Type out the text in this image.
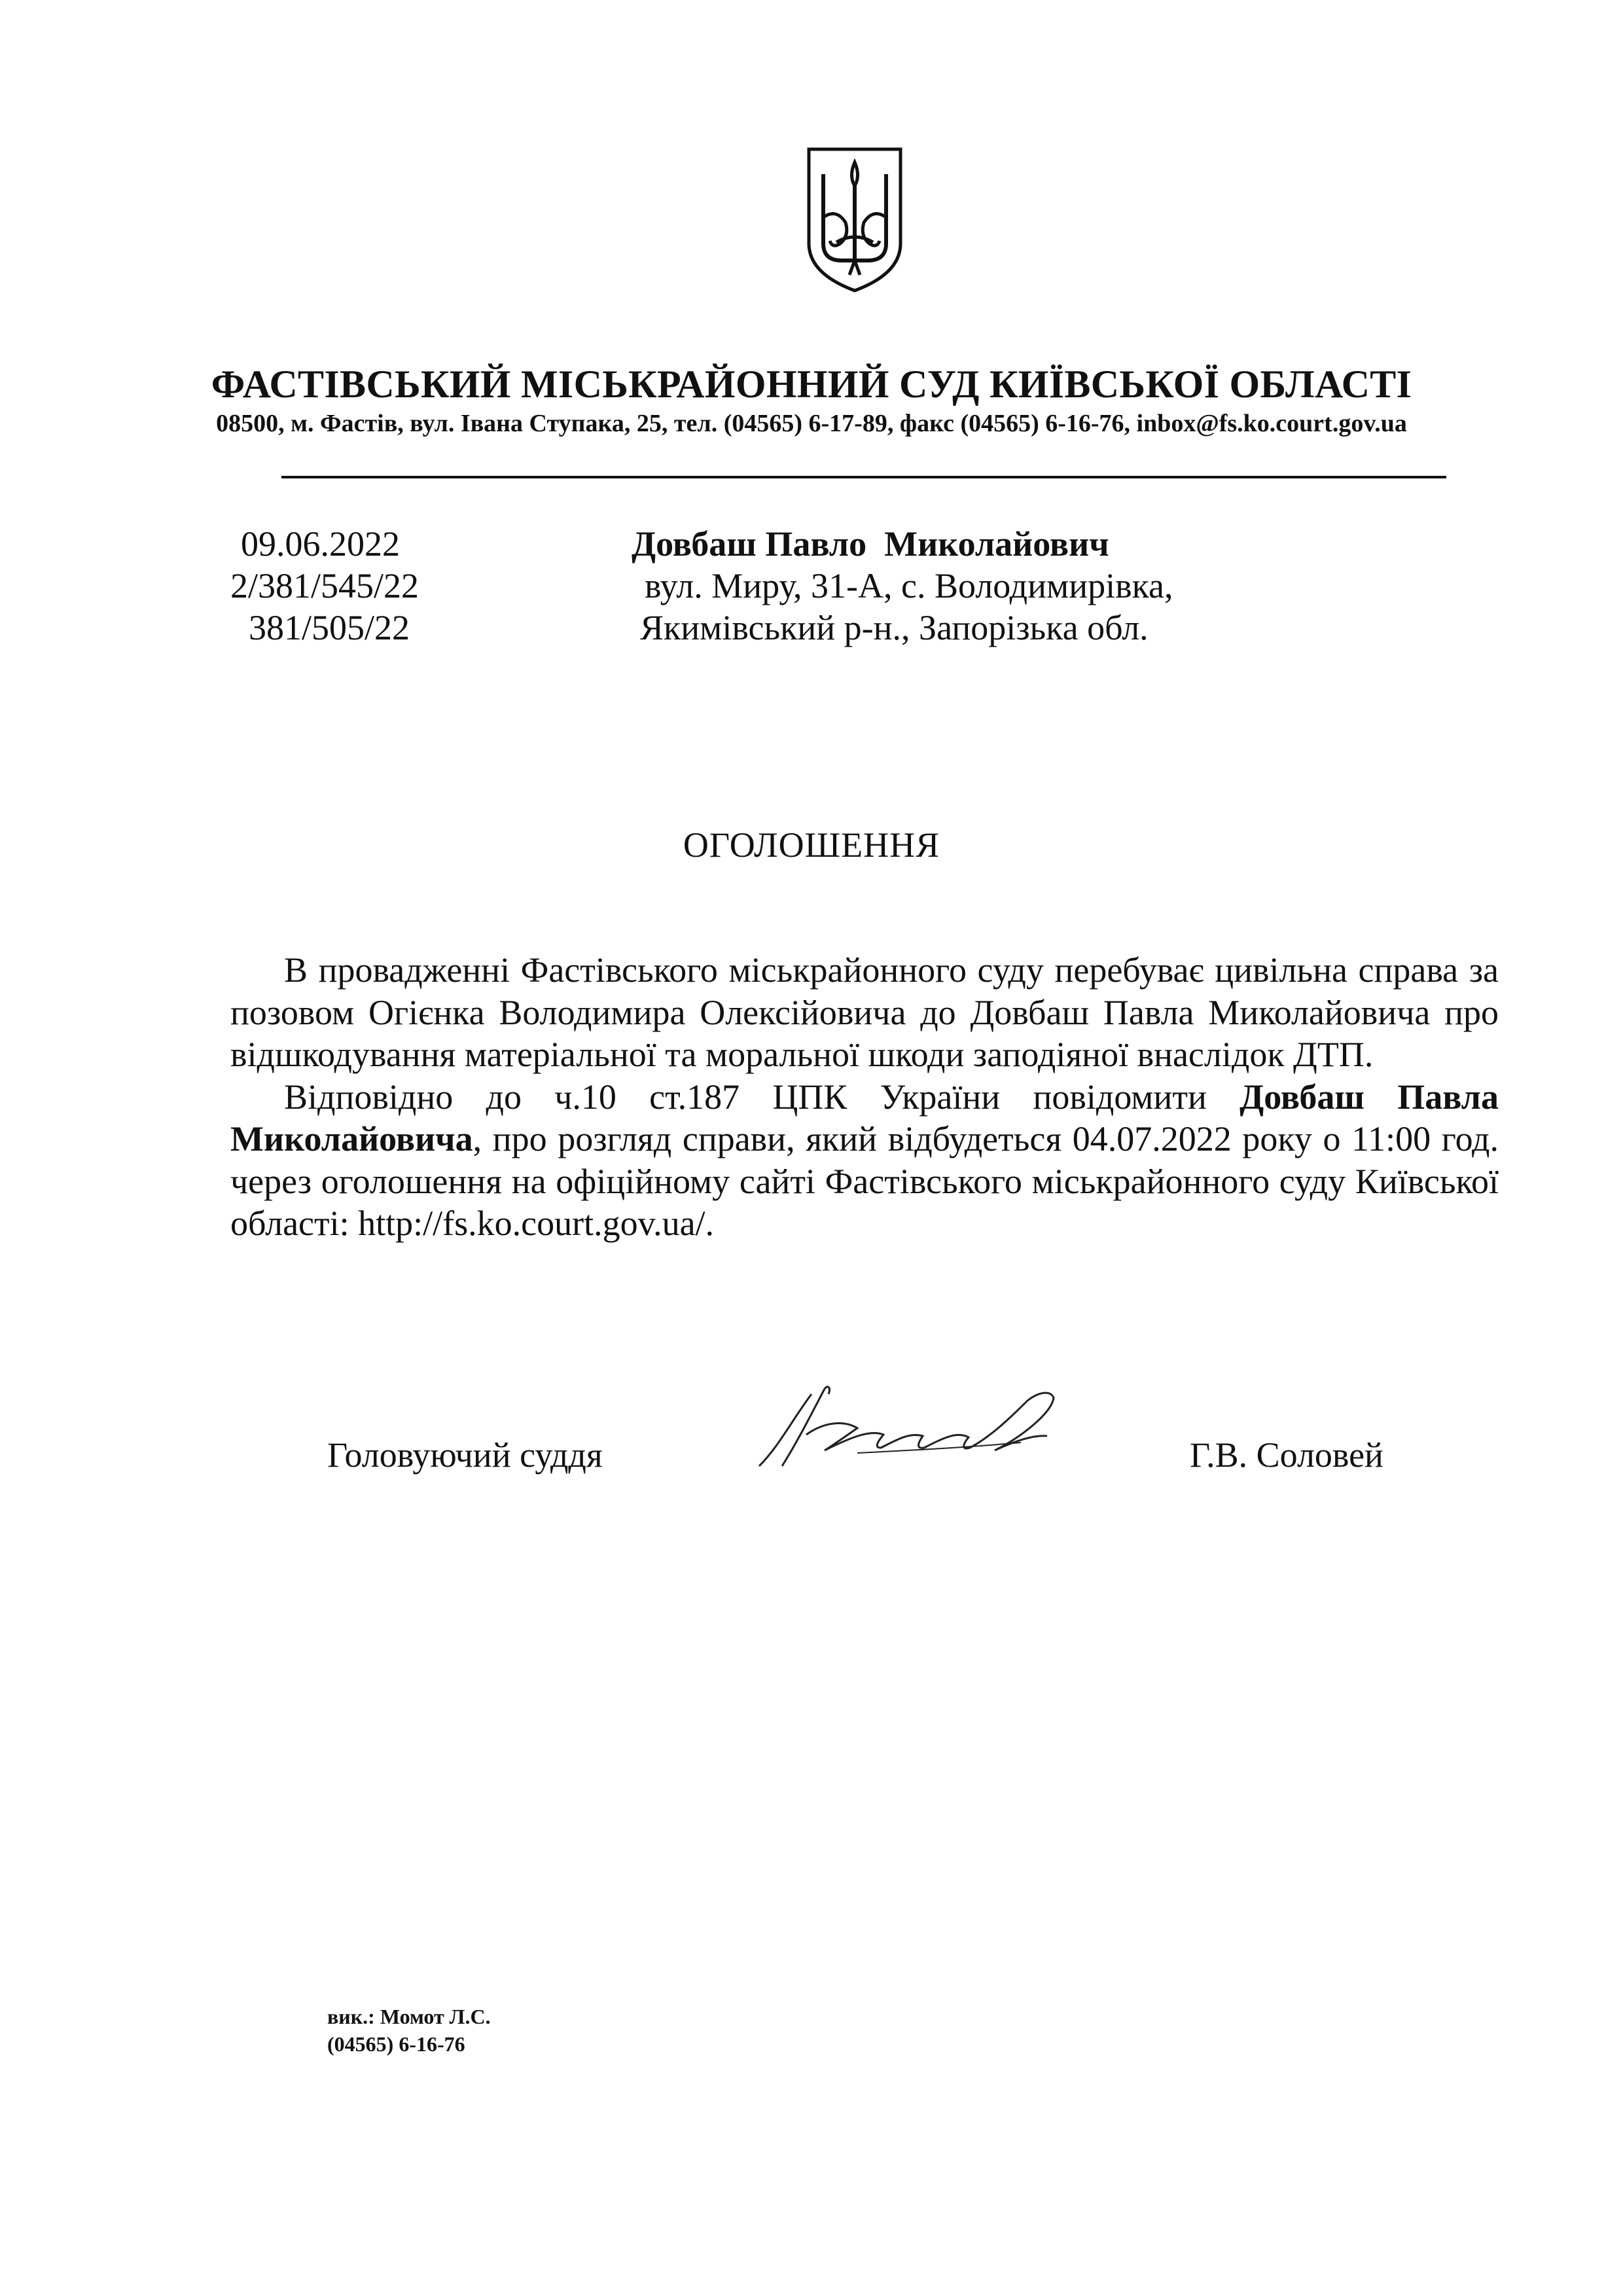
ФАСТІВСЬКИЙ МІСЬКРАЙОННИЙ СУД КИЇВСЬКОЇ ОБЛАСТІ
08500, м. Фастів, вул. Івана Ступака, 25, тел. (04565) 6-17-89, факс (04565) 6-16-76, inbox@fs.ko.court.gov.ua
09.06.2022
2/381/545/22
381/505/22
Довбаш Павло  Миколайович
вул. Миру, 31-А, с. Володимирівка,
Якимівський р-н., Запорізька обл.
ОГОЛОШЕННЯ

В провадженні Фастівського міськрайонного суду перебуває цивільна справа за позовом Огієнка Володимира Олексійовича до Довбаш Павла Миколайовича про відшкодування матеріальної та моральної шкоди заподіяної внаслідок ДТП.

Відповідно до ч.10 ст.187 ЦПК України повідомити Довбаш Павла Миколайовича, про розгляд справи, який відбудеться 04.07.2022 року о 11:00 год. через оголошення на офіційному сайті Фастівського міськрайонного суду Київської області: http://fs.ko.court.gov.ua/.

Головуючий суддя	Г.В. Соловей
вик.: Момот Л.С.
(04565) 6-16-76
